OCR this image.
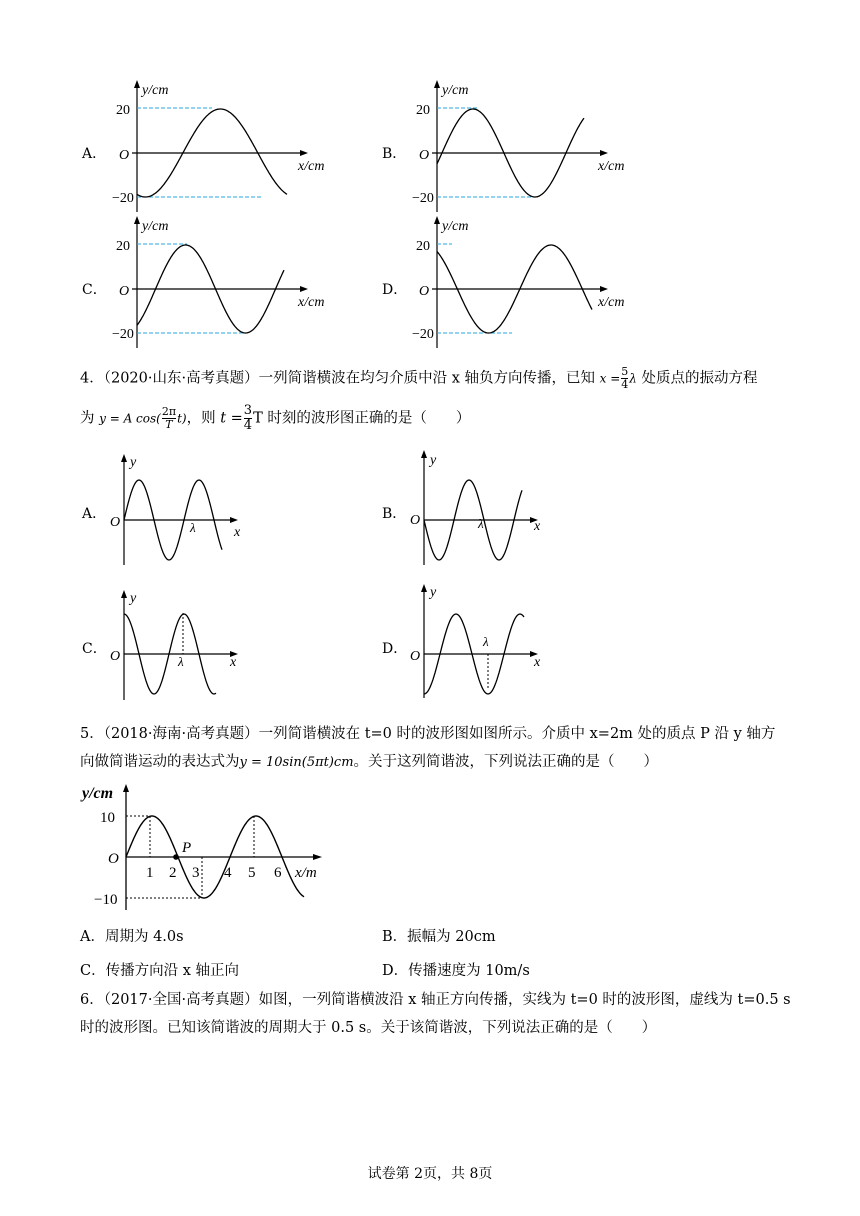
A．
y/cm
20
O
−20
x/cm
B．
y/cm
20
O
−20
x/cm
C．
y/cm
20
O
−20
x/cm
D．
y/cm
20
O
−20
x/cm
4．（2020·山东·高考真题）一列简谐横波在均匀介质中沿 x 轴负方向传播，已知 $x = \frac{5}{4}$ λ 处质点的振动方程
为 y = A $\cos( \frac{2\pi}{T} t)$，则 $t = \frac{3}{4}$ T 时刻的波形图正确的是（　　）
A．
y
O	λ	x
B．
y
O	λ	x
C．
y
O	λ	x
D．
y
O
λ
x
5．（2018·海南·高考真题）一列简谐横波在 t=0 时的波形图如图所示。介质中 x=2m 处的质点 P 沿 y 轴方
向做简谐运动的表达式为y = 10sin(5πt)cm。关于这列简谐波，下列说法正确的是（　　）
y/cm
10
O
−10
P
1 2 3 4 5 6 x/m
A．周期为 4.0s	B．振幅为 20cm
C．传播方向沿 x 轴正向	D．传播速度为 10m/s
6．（2017·全国·高考真题）如图，一列简谐横波沿 x 轴正方向传播，实线为 t=0 时的波形图，虚线为 t=0.5 s
时的波形图。已知该简谐波的周期大于 0.5 s。关于该简谐波，下列说法正确的是（　　）
试卷第 2页，共 8页
